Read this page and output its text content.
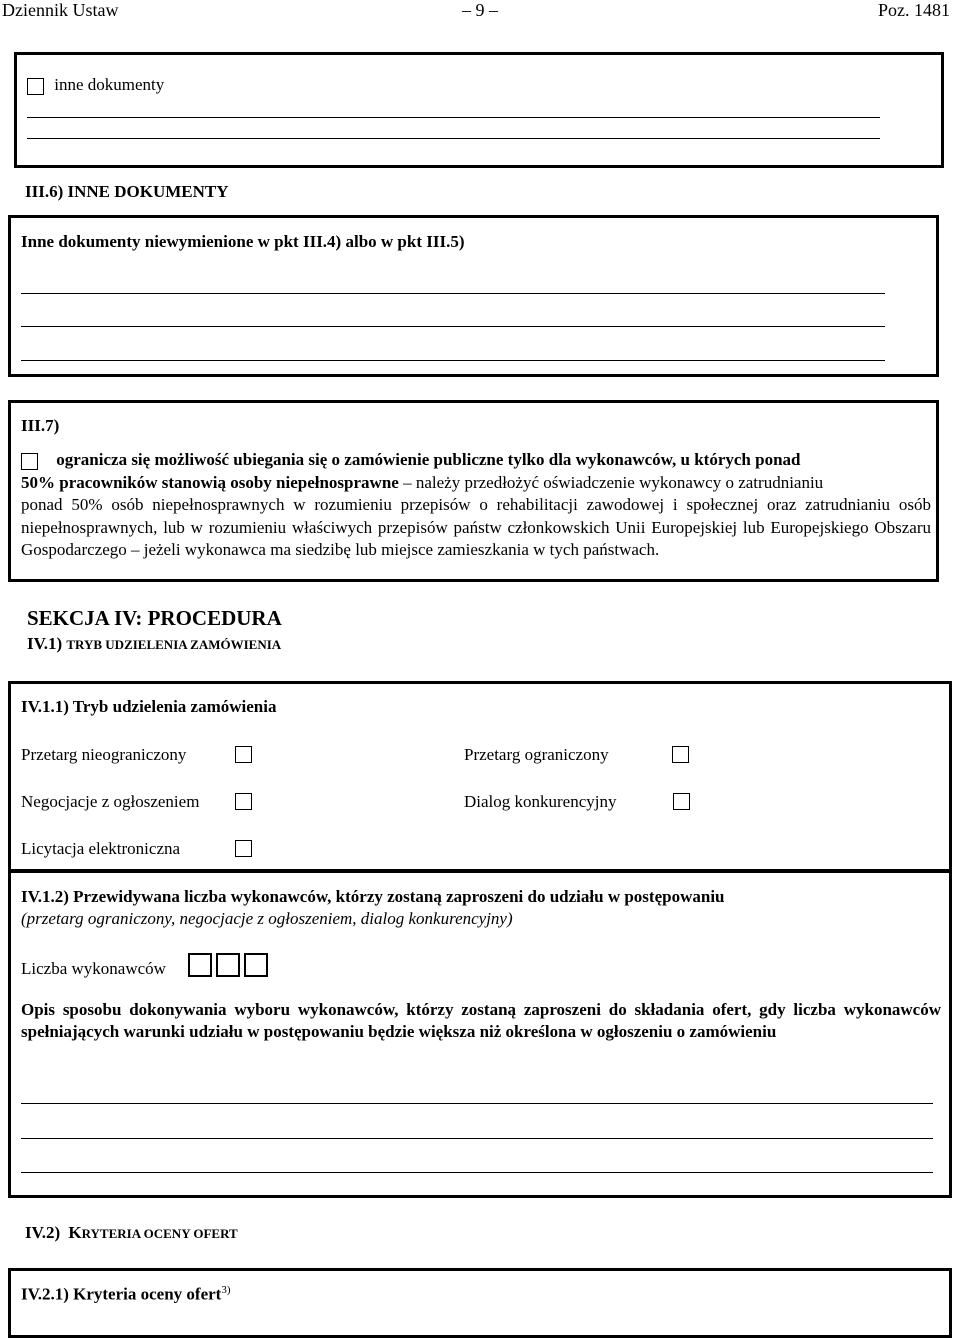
Dziennik Ustaw	– 9 –	Poz. 1481
inne dokumenty
III.6) INNE DOKUMENTY
Inne dokumenty niewymienione w pkt III.4) albo w pkt III.5)
III.7)
ogranicza się możliwość ubiegania się o zamówienie publiczne tylko dla wykonawców, u których ponad
50% pracowników stanowią osoby niepełnosprawne – należy przedłożyć oświadczenie wykonawcy o zatrudnianiu
ponad 50% osób niepełnosprawnych w rozumieniu przepisów o rehabilitacji zawodowej i społecznej oraz zatrudnianiu osób niepełnosprawnych, lub w rozumieniu właściwych przepisów państw członkowskich Unii Europejskiej lub Europejskiego Obszaru Gospodarczego – jeżeli wykonawca ma siedzibę lub miejsce zamieszkania w tych państwach.
SEKCJA IV: PROCEDURA
IV.1) TRYB UDZIELENIA ZAMÓWIENIA
IV.1.1) Tryb udzielenia zamówienia
Przetarg nieograniczony	Przetarg ograniczony
Negocjacje z ogłoszeniem	Dialog konkurencyjny
Licytacja elektroniczna
IV.1.2) Przewidywana liczba wykonawców, którzy zostaną zaproszeni do udziału w postępowaniu
(przetarg ograniczony, negocjacje z ogłoszeniem, dialog konkurencyjny)
Liczba wykonawców
Opis sposobu dokonywania wyboru wykonawców, którzy zostaną zaproszeni do składania ofert, gdy liczba wykonawców spełniających warunki udziału w postępowaniu będzie większa niż określona w ogłoszeniu o zamówieniu
IV.2) KRYTERIA OCENY OFERT
IV.2.1) Kryteria oceny ofert$^{3)}$
